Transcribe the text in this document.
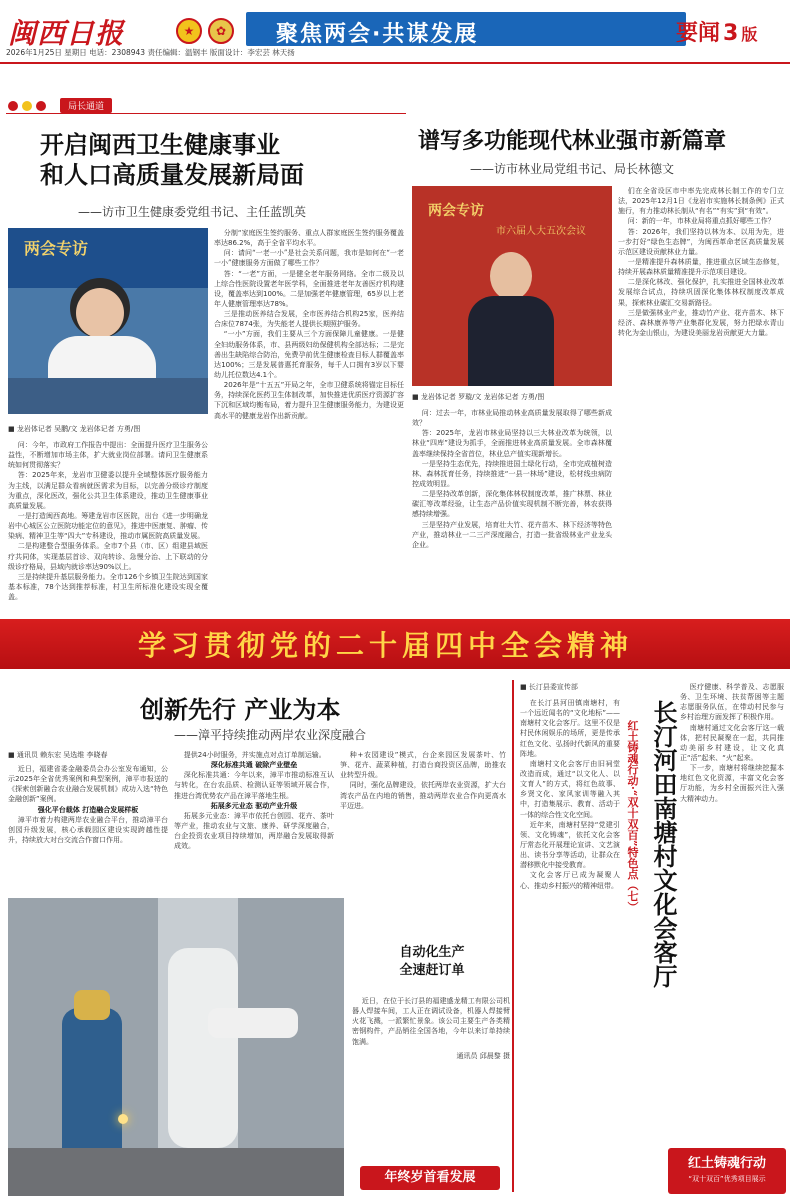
闽西日报	★	✿	聚焦两会·共谋发展	要闻 3 版
2026年1月25日 星期日 电话：2308943 责任编辑：温钢丰 版面设计：李宏芸 林天扬
局长通道
开启闽西卫生健康事业
和人口高质量发展新局面
——访市卫生健康委党组书记、主任蓝凯英
两会专访
■ 龙岩体记者 吴鹏/文 龙岩体记者 方勇/图

问：今年，市政府工作报告中提出：全面提升医疗卫生服务公益性，不断增加市场主体，扩大就业岗位部署。请问卫生健康系统如何贯彻落实？

答：2025年来，龙岩市卫健委以提升全域整体医疗服务能力为主线，以满足群众看病就医需求为目标，以完善分级诊疗制度为重点，深化医改，强化公共卫生体系建设，推动卫生健康事业高质量发展。

一是打造闽西高地。筹建龙岩市区医院，出台《进一步明确龙岩中心城区公立医院功能定位的意见》，推进中医康复、肿瘤、传染病、精神卫生等“四大”专科建设，推动市属医院高质量发展。

二是构建整合型服务体系。全市7个县（市、区）组建县域医疗共同体，实现基层首诊、双向转诊、急慢分治、上下联动的分级诊疗格局，县域内就诊率达90%以上。

三是持续提升基层服务能力。全市126个乡镇卫生院达到国家基本标准，78个达到推荐标准，村卫生所标准化建设实现全覆盖。

分制“家庭医生签约服务、重点人群家庭医生签约服务覆盖率达86.2%，高于全省平均水平。

问：请问“一老一小”是社会关系问题，我市是如何在“一老一小”健康服务方面做了哪些工作？

答：“一老”方面，一是健全老年服务网络。全市二级及以上综合性医院设置老年医学科，全面推进老年友善医疗机构建设，覆盖率达到100%。二是加强老年健康管理，65岁以上老年人健康管理率达78%。

三是推动医养结合发展，全市医养结合机构25家，医养结合床位7874张，为失能老人提供长期照护服务。

“一小”方面，我们主要从三个方面保障儿童健康。一是健全妇幼服务体系，市、县两级妇幼保健机构全部达标；二是完善出生缺陷综合防治，免费孕前优生健康检查目标人群覆盖率达100%；三是发展普惠托育服务，每千人口拥有3岁以下婴幼儿托位数达4.1个。

2026年是“十五五”开局之年，全市卫健系统将锚定目标任务，持续深化医药卫生体制改革，加快推进优质医疗资源扩容下沉和区域均衡布局，着力提升卫生健康服务能力，为建设更高水平的健康龙岩作出新贡献。

谱写多功能现代林业强市新篇章
——访市林业局党组书记、局长林德文
两会专访
市六届人大五次会议
■ 龙岩体记者 罗璇/文 龙岩体记者 方勇/图

问：过去一年，市林业局推动林业高质量发展取得了哪些新成效？

答：2025年，龙岩市林业局坚持以三大林业改革为统领，以林业“四库”建设为抓手，全面推进林业高质量发展。全市森林覆盖率继续保持全省首位，林业总产值实现新增长。

一是坚持生态优先，持续推进国土绿化行动，全市完成植树造林、森林抚育任务，持续推进“一县一林场”建设，松材线虫病防控成效明显。

二是坚持改革创新，深化集体林权制度改革，推广林票、林业碳汇等改革经验，让生态产品价值实现机制不断完善，林农获得感持续增强。

三是坚持产业发展，培育壮大竹、花卉苗木、林下经济等特色产业，推动林业一二三产深度融合，打造一批省级林业产业龙头企业。

们在全省设区市中率先完成林长制工作的专门立法，2025年12月1日《龙岩市实施林长制条例》正式施行，有力推动林长制从“有名”“有实”到“有效”。

问：新的一年，市林业局将重点抓好哪些工作？

答：2026年，我们坚持以林为本、以用为先，进一步打好“绿色生态牌”，为闽西革命老区高质量发展示范区建设贡献林业力量。

一是精准提升森林质量，推进重点区域生态修复，持续开展森林质量精准提升示范项目建设。

二是深化林改、强化保护，扎实推进全国林业改革发展综合试点，持续巩固深化集体林权制度改革成果，探索林业碳汇交易新路径。

三是做强林业产业，推动竹产业、花卉苗木、林下经济、森林康养等产业集群化发展，努力把绿水青山转化为金山银山，为建设美丽龙岩贡献更大力量。

学习贯彻党的二十届四中全会精神
创新先行 产业为本
——漳平持续推动两岸农业深度融合
■ 通讯员 赖东宏 吴选维 李晓春

近日，福建省委金融委员会办公室发布通知，公示2025年全省优秀案例和典型案例，漳平市报送的《探索创新融合农业融合发展机制》成功入选“特色金融创新”案例。

强化平台载体 打造融合发展样板

漳平市着力构建两岸农业融合平台，推动漳平台创园升级发展，核心承载园区建设实现跨越性提升，持续放大对台交流合作窗口作用。

提供24小时服务，并实施点对点订单制运输。

深化标准共通 破除产业壁垒

深化标准共通：今年以来，漳平市推动标准互认与转化，在台农品质、检测认证等领域开展合作，推进台湾优势农产品在漳平落地生根。

拓展多元业态 驱动产业升级

拓展多元业态：漳平市依托台创园、花卉、茶叶等产业，推动农业与文旅、康养、研学深度融合，台企投资农业项目持续增加，两岸融合发展取得新成效。

种+农园建设”模式，台企来园区发展茶叶、竹笋、花卉、蔬菜种植，打造台商投资区品牌，助推农业转型升级。

同时，强化品牌建设，依托两岸农业资源，扩大台湾农产品在内地的销售，推动两岸农业合作向更高水平迈进。

自动化生产
全速赶订单

近日，在位于长汀县的福建盛龙精工有限公司机器人焊接车间，工人正在调试设备，机器人焊接臂火花飞溅，一派繁忙景象。该公司主要生产各类精密钢构件，产品销往全国各地，今年以来订单持续饱满。

通讯员 邱晨黎 摄

年终岁首看发展
■ 长汀县委宣传部
长汀河田南塘村文化会客厅
红土铸魂行动·“双十双百”特色点（七）

在长汀县河田镇南塘村，有一个远近闻名的“文化地标”——南塘村文化会客厅。这里不仅是村民休闲娱乐的场所，更是传承红色文化、弘扬时代新风的重要阵地。

南塘村文化会客厅由旧祠堂改造而成，通过“以文化人、以文育人”的方式，将红色故事、乡贤文化、家风家训等融入其中，打造集展示、教育、活动于一体的综合性文化空间。

近年来，南塘村坚持“党建引领、文化铸魂”，依托文化会客厅常态化开展理论宣讲、文艺演出、读书分享等活动，让群众在潜移默化中接受教育。

文化会客厅已成为凝聚人心、推动乡村振兴的精神纽带。

医疗健康、科学普及、志愿服务、卫生环境、扶贫帮困等主题志愿服务队伍，在带动村民参与乡村治理方面发挥了积极作用。

南塘村通过文化会客厅这一载体，把村民凝聚在一起，共同推动美丽乡村建设，让文化真正“活”起来、“火”起来。

下一步，南塘村将继续挖掘本地红色文化资源，丰富文化会客厅功能，为乡村全面振兴注入强大精神动力。

红土铸魂行动
“双十双百”优秀项目展示
